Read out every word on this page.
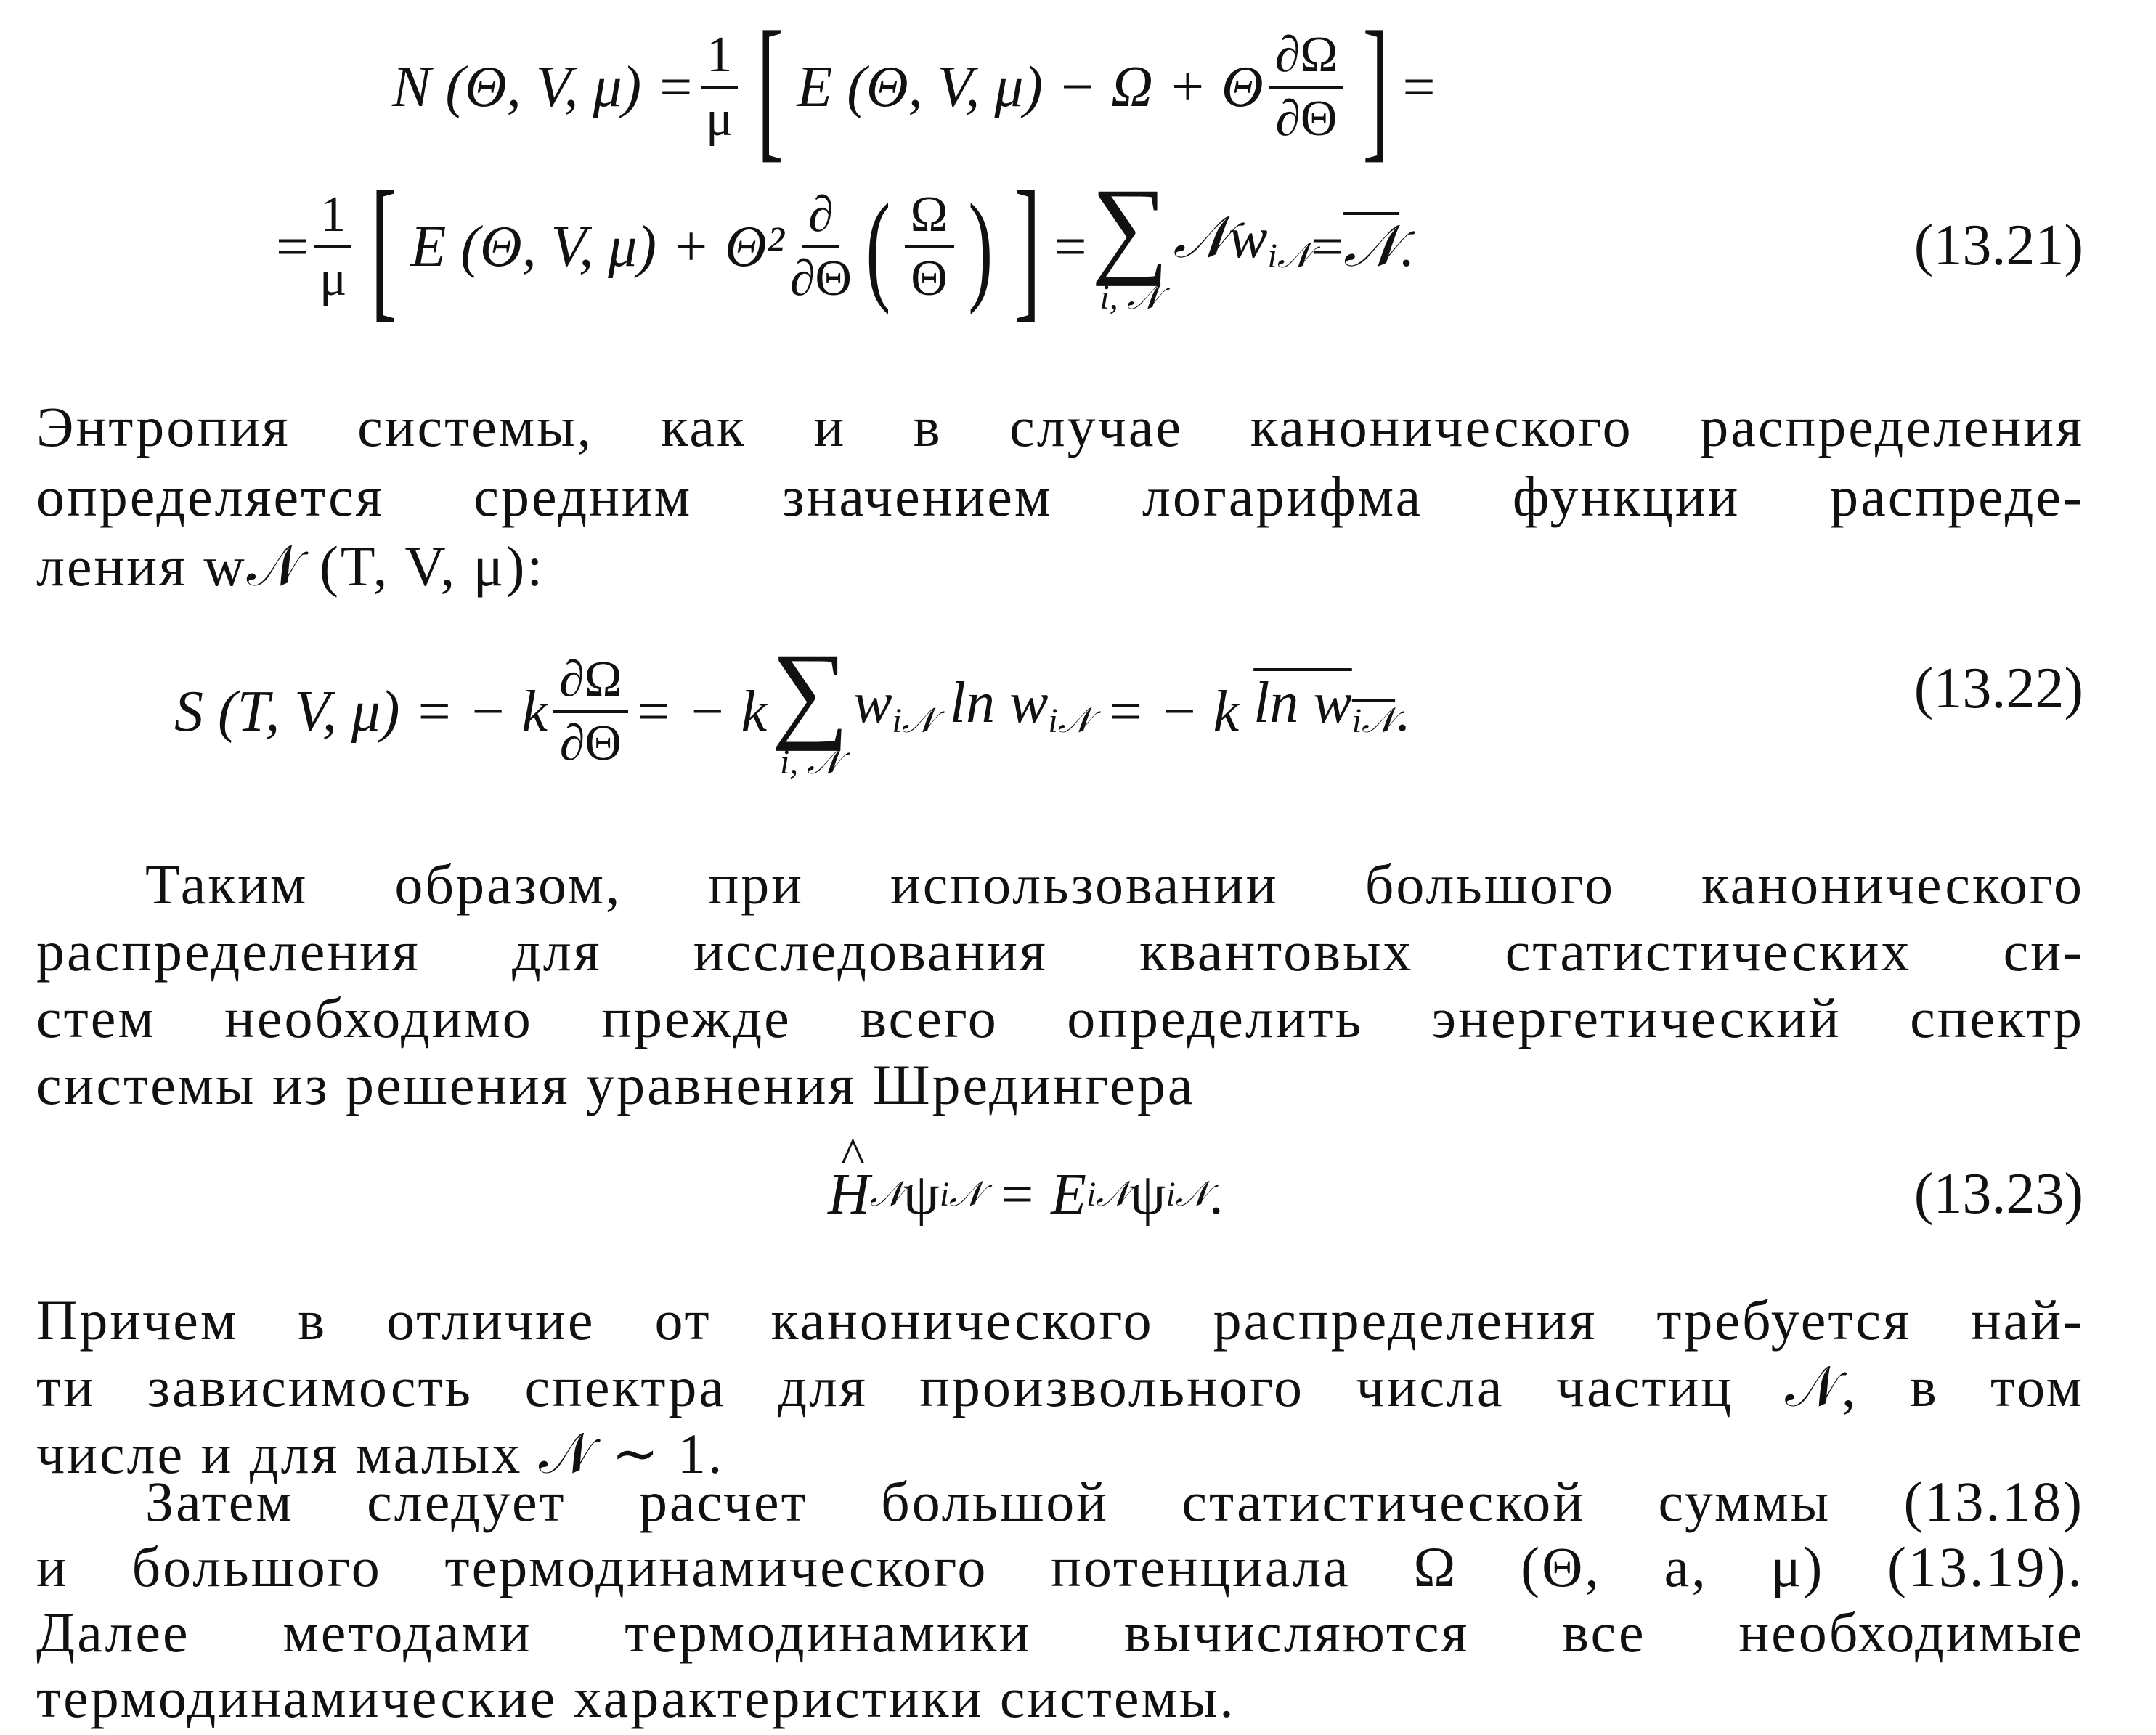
N (Θ, V, $\mu) = \frac{1}{\mu}$ [ E (Θ, V, μ) − Ω + Θ $\frac{\partial\Omega}{\partial\Theta}$ ] =
= $\frac{1}{\mu}$ [ E (Θ, V, $\mu) + \Theta^2 \frac{\partial}{\partial\Theta}$ ( $\frac{\Omega}{\Theta}$ ) ] = ∑
i, 𝒩
𝒩w$_{i𝒩}$ = 𝒩 .	(13.21)
Энтропия системы, как и в случае канонического распределения
определяется средним значением логарифма функции распреде-
ления w𝒩 (T, V, μ):
S (T, V, μ) = − k $\frac{\partial\Omega}{\partial\Theta}$ = − k ∑
i, 𝒩
$w_{i𝒩}$ $\ln w_{i𝒩}$ = − k $\ln w_{i𝒩}$ .	(13.22)
Таким образом, при использовании большого канонического
распределения для исследования квантовых статистических си-
стем необходимо прежде всего определить энергетический спектр
системы из решения уравнения Шредингера
^ H 𝒩 ψ i𝒩 = E i𝒩 ψ i𝒩 .	(13.23)
Причем в отличие от канонического распределения требуется най-
ти зависимость спектра для произвольного числа частиц 𝒩, в том
числе и для малых 𝒩 ∼ 1.
Затем следует расчет большой статистической суммы (13.18)
и большого термодинамического потенциала Ω (Θ, a, μ) (13.19).
Далее методами термодинамики вычисляются все необходимые
термодинамические характеристики системы.
